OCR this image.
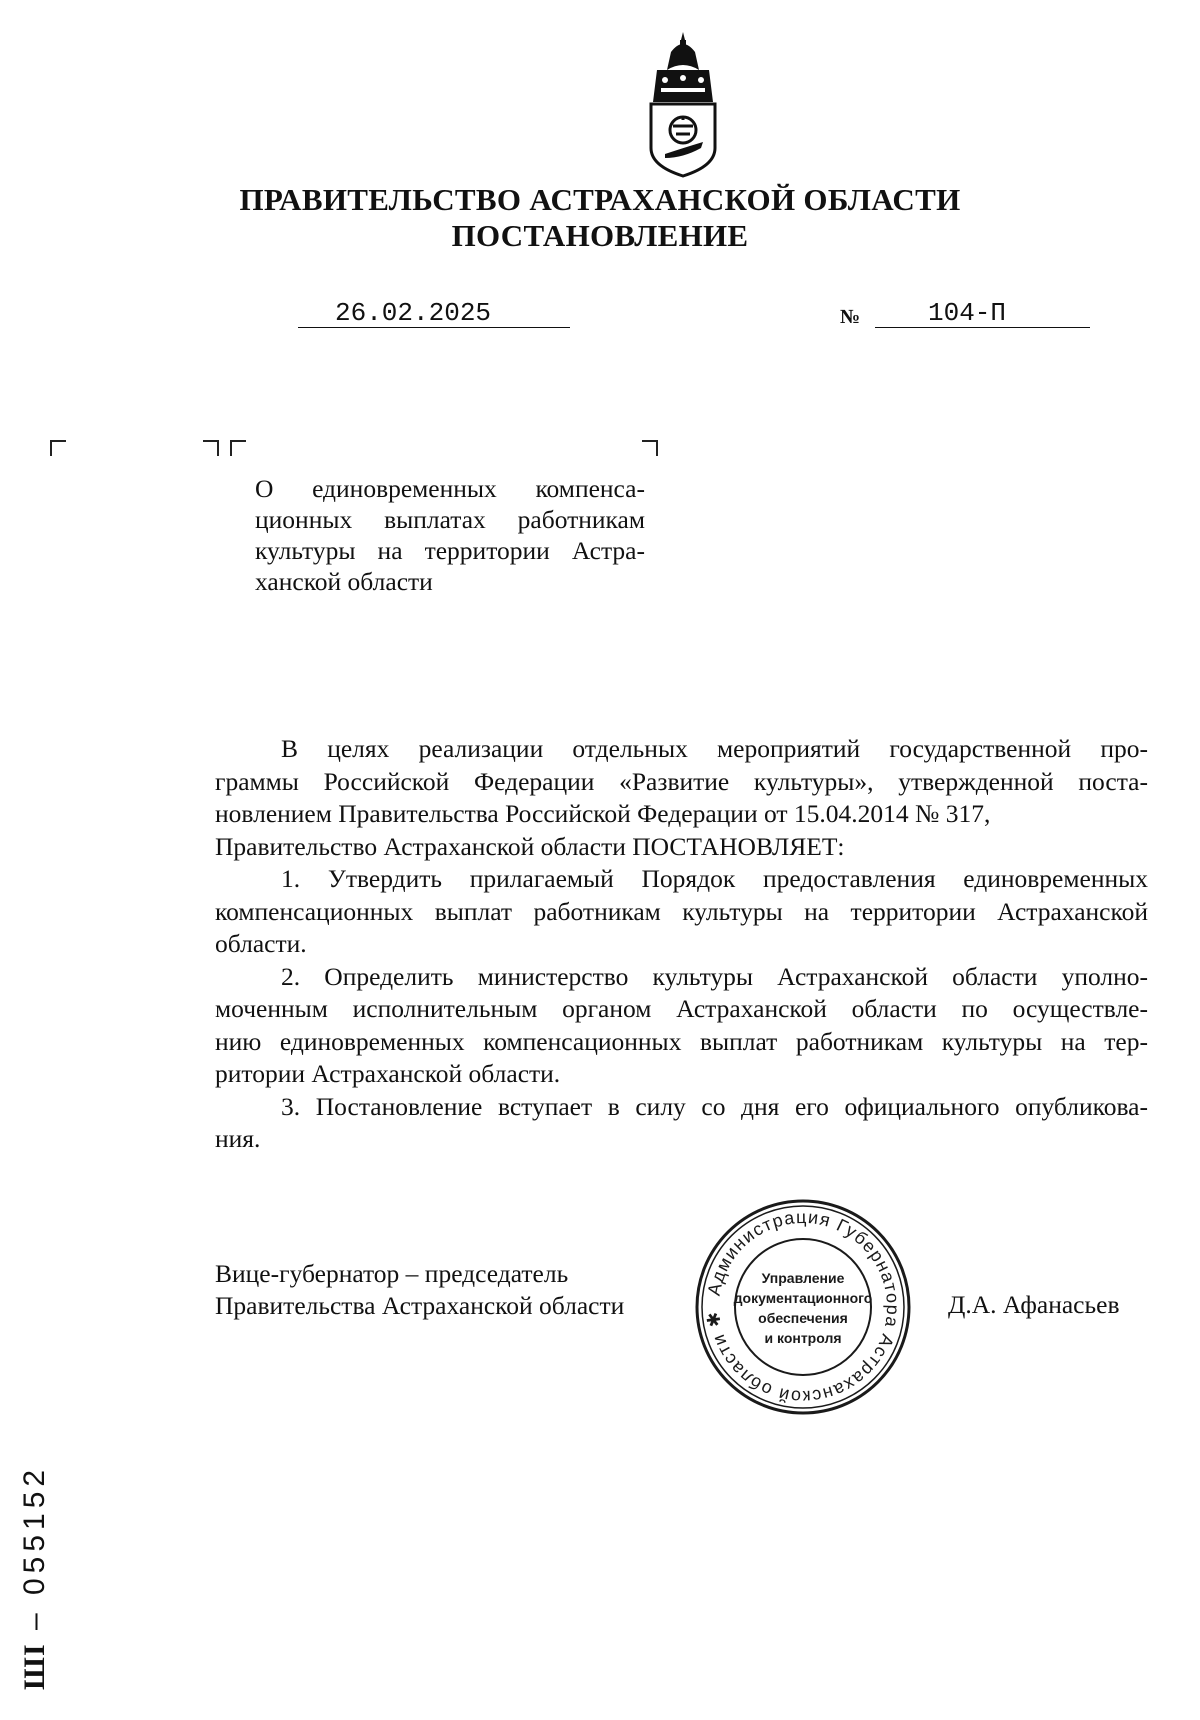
ПРАВИТЕЛЬСТВО АСТРАХАНСКОЙ ОБЛАСТИ
ПОСТАНОВЛЕНИЕ
26.02.2025	№	104-П
О единовременных компенса-
ционных выплатах работникам
культуры на территории Астра-
ханской области
В целях реализации отдельных мероприятий государственной про-
граммы Российской Федерации «Развитие культуры», утвержденной поста-
новлением Правительства Российской Федерации от 15.04.2014 № 317,
Правительство Астраханской области ПОСТАНОВЛЯЕТ:
1. Утвердить прилагаемый Порядок предоставления единовременных
компенсационных выплат работникам культуры на территории Астраханской
области.
2. Определить министерство культуры Астраханской области уполно-
моченным исполнительным органом Астраханской области по осуществле-
нию единовременных компенсационных выплат работникам культуры на тер-
ритории Астраханской области.
3. Постановление вступает в силу со дня его официального опубликова-
ния.
Вице-губернатор – председатель
Правительства Астраханской области	Д.А. Афанасьев
Администрация Губернатора Астраханской области ✱
Управление
документационного
обеспечения
и контроля
ШІ – 055152
